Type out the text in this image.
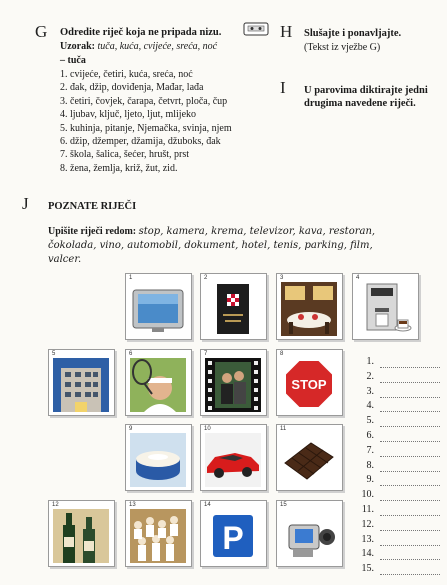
G Odredite riječ koja ne pripada nizu.
Uzorak: tuča, kuća, cvijeće, sreća, noć
– tuča
1. cvijeće, četiri, kuća, sreća, noć
2. đak, džip, doviđenja, Mađar, lađa
3. četiri, čovjek, čarapa, četvrt, ploča, čup
4. ljubav, ključ, ljeto, ljut, mlijeko
5. kuhinja, pitanje, Njemačka, svinja, njem
6. džip, džemper, džamija, džuboks, đak
7. škola, šalica, šećer, hrušt, prst
8. žena, žemlja, križ, žut, zid.
H Slušajte i ponavljajte.
(Tekst iz vježbe G)
I U parovima diktirajte jedni
drugima navedene riječi.
J POZNATE RIJEČI
Upišite riječi redom: stop, kamera, krema, televizor, kava, restoran,
čokolada, vino, automobil, dokument, hotel, tenis, parking, film,
valcer.
1	2	3	4
5	6	7	8
STOP
9	10	11
12	13	14
P
15
1.
2.
3.
4.
5.
6.
7.
8.
9.
10.
11.
12.
13.
14.
15.
